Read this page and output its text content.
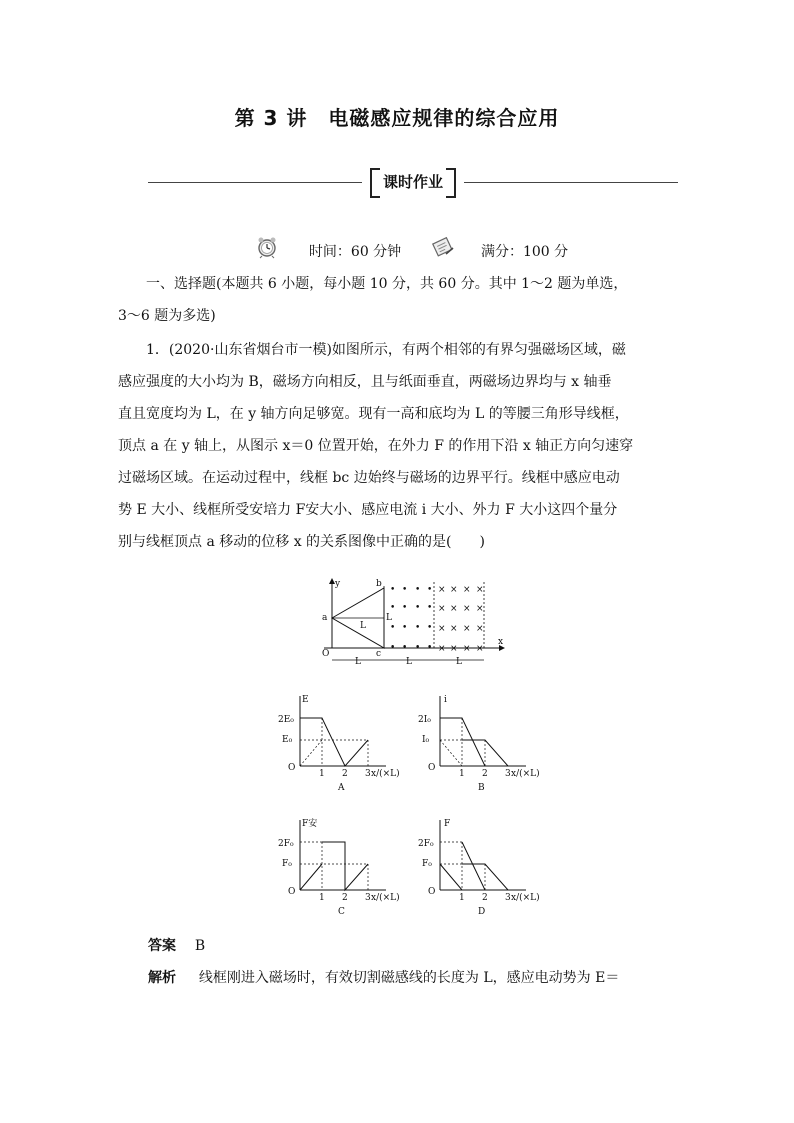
第 3 讲　电磁感应规律的综合应用
课时作业
时间：60 分钟	满分：100 分
一、选择题(本题共 6 小题，每小题 10 分，共 60 分。其中 1～2 题为单选，
3～6 题为多选)
1．(2020·山东省烟台市一模)如图所示，有两个相邻的有界匀强磁场区域，磁
感应强度的大小均为 B，磁场方向相反，且与纸面垂直，两磁场边界均与 x 轴垂
直且宽度均为 L，在 y 轴方向足够宽。现有一高和底均为 L 的等腰三角形导线框，
顶点 a 在 y 轴上，从图示 x＝0 位置开始，在外力 F 的作用下沿 x 轴正方向匀速穿
过磁场区域。在运动过程中，线框 bc 边始终与磁场的边界平行。线框中感应电动
势 E 大小、线框所受安培力 F安大小、感应电流 i 大小、外力 F 大小这四个量分
别与线框顶点 a 移动的位移 x 的关系图像中正确的是(　　)
y
x
a
b
c
O
L
L
• • • •
• • • •
• • • •
• • • •
× × × ×
× × × ×
× × × ×
× × × ×
L	L	L
E
2E₀
E₀
O
1 2 3 x/(×L)
A
i
2I₀
I₀
O
1 2 3 x/(×L)
B
F安
2F₀
F₀
O
1 2 3 x/(×L)
C
F
2F₀
F₀
O
1 2 3 x/(×L)
D
答案 B
解析 线框刚进入磁场时，有效切割磁感线的长度为 L，感应电动势为 E＝
